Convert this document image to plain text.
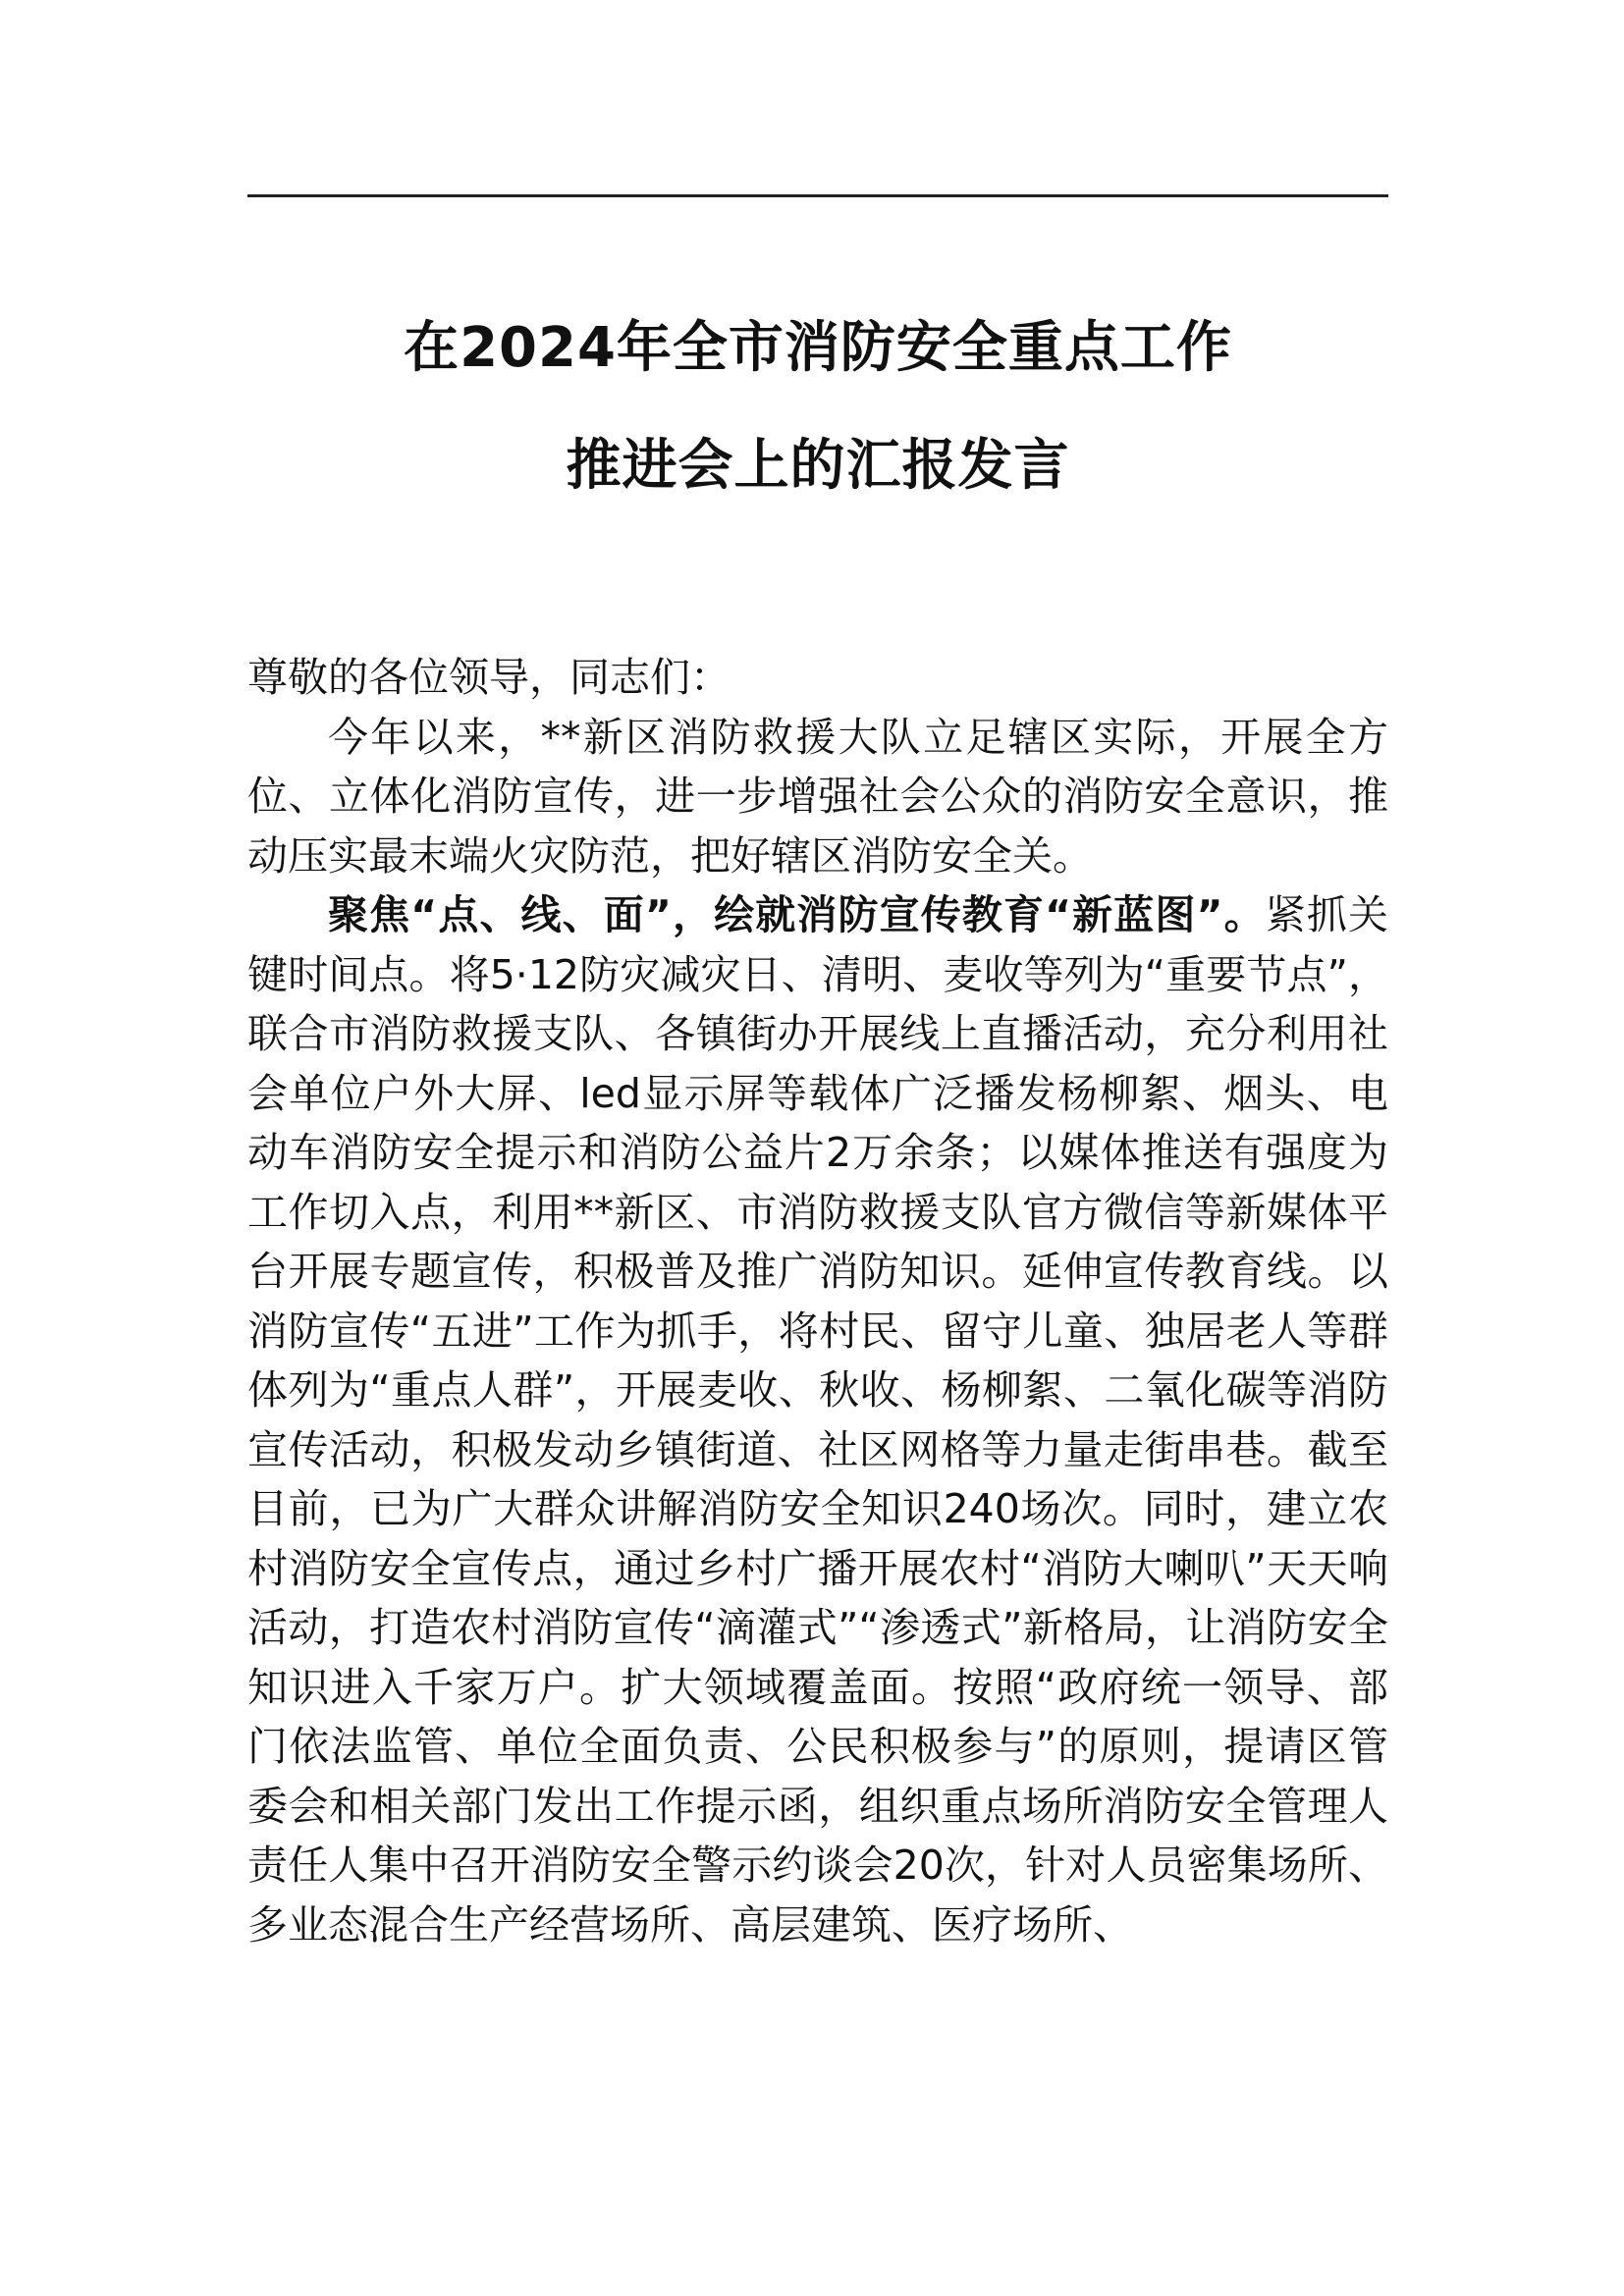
在2024年全市消防安全重点工作
推进会上的汇报发言

尊敬的各位领导，同志们：

今年以来，**新区消防救援大队立足辖区实际，开展全方位、立体化消防宣传，进一步增强社会公众的消防安全意识，推动压实最末端火灾防范，把好辖区消防安全关。

聚焦“点、线、面”，绘就消防宣传教育“新蓝图”。紧抓关键时间点。将5·12防灾减灾日、清明、麦收等列为“重要节点”，联合市消防救援支队、各镇街办开展线上直播活动，充分利用社会单位户外大屏、led显示屏等载体广泛播发杨柳絮、烟头、电动车消防安全提示和消防公益片2万余条；以媒体推送有强度为工作切入点，利用**新区、市消防救援支队官方微信等新媒体平台开展专题宣传，积极普及推广消防知识。延伸宣传教育线。以消防宣传“五进”工作为抓手，将村民、留守儿童、独居老人等群体列为“重点人群”，开展麦收、秋收、杨柳絮、二氧化碳等消防宣传活动，积极发动乡镇街道、社区网格等力量走街串巷。截至目前，已为广大群众讲解消防安全知识240场次。同时，建立农村消防安全宣传点，通过乡村广播开展农村“消防大喇叭”天天响活动，打造农村消防宣传“滴灌式”“渗透式”新格局，让消防安全知识进入千家万户。扩大领域覆盖面。按照“政府统一领导、部门依法监管、单位全面负责、公民积极参与”的原则，提请区管委会和相关部门发出工作提示函，组织重点场所消防安全管理人责任人集中召开消防安全警示约谈会20次，针对人员密集场所、多业态混合生产经营场所、高层建筑、医疗场所、
